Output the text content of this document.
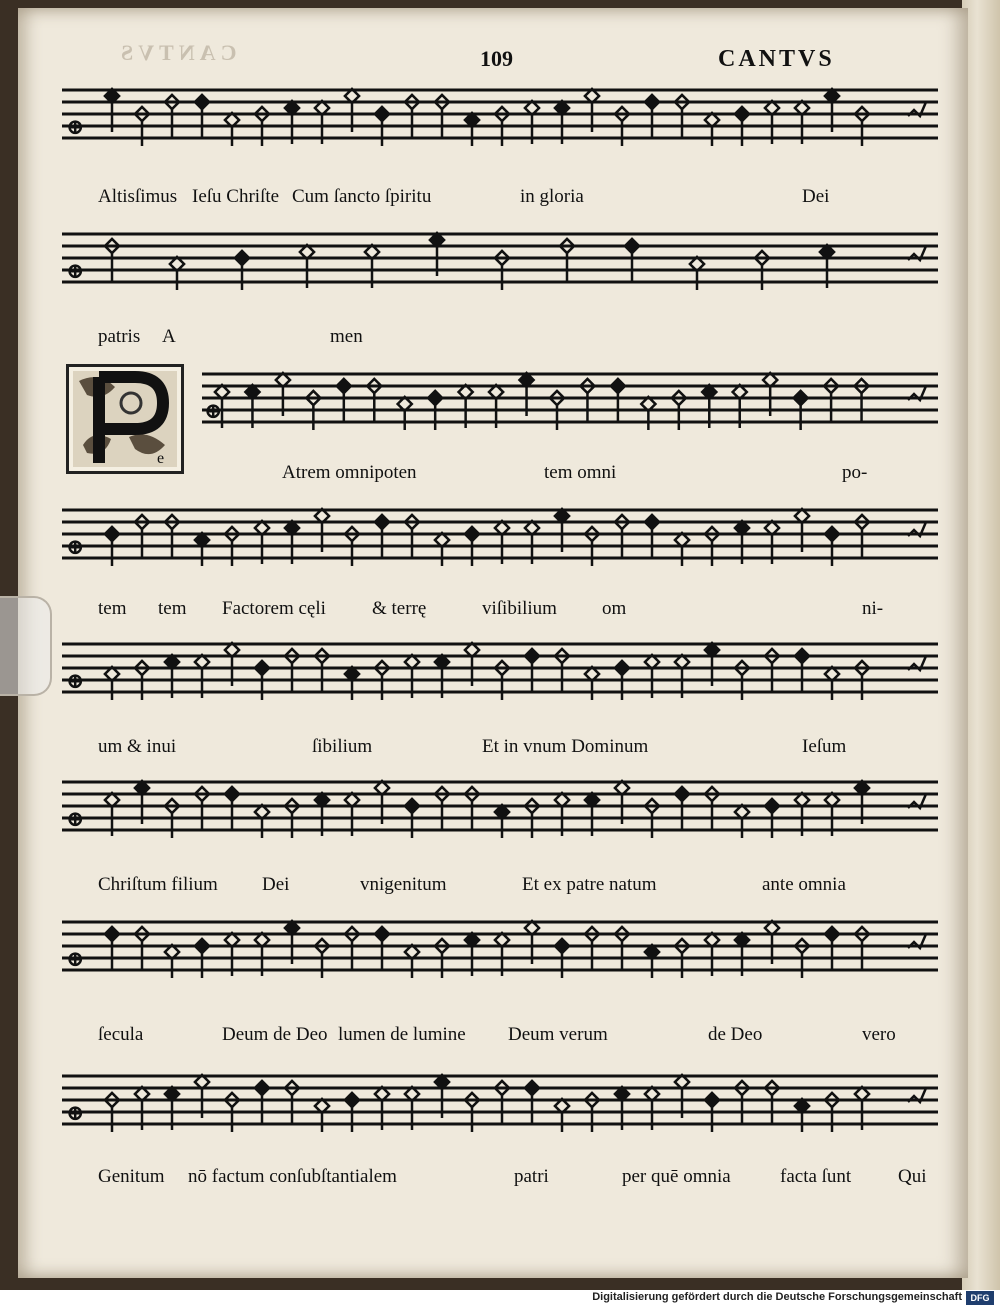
CANTVS	109	CANTVS
e
⊕
Altisſimus Ieſu Chriſte Cum ſancto ſpiritu	in gloria	Dei
⊕
patris A	men
⊕
Atrem omnipoten	tem omni	po-
⊕
tem tem Factorem cęli & terrę	viſibilium om	ni-
⊕
um & inui	ſibilium	Et in vnum Dominum	Ieſum
⊕
Chriſtum filium Dei	vnigenitum	Et ex patre natum	ante omnia
⊕
ſecula	Deum de Deo lumen de lumine Deum verum	de Deo	vero
⊕
Genitum nō factum conſubſtantialem	patri	per quē omnia	facta ſunt Qui
Digitalisierung gefördert durch die Deutsche Forschungsgemeinschaft DFG
